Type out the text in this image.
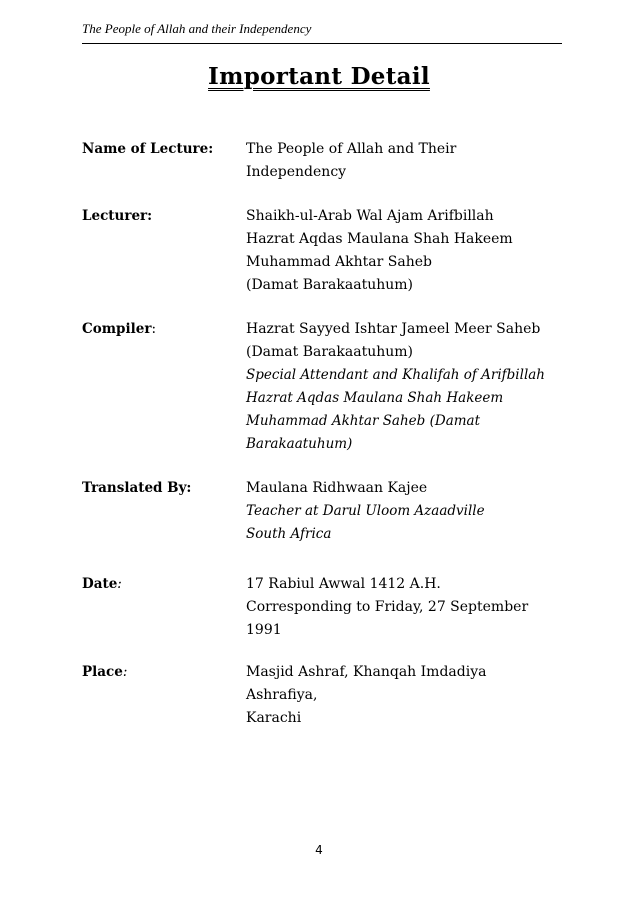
The People of Allah and their Independency
Important Detail
Name of Lecture:	The People of Allah and Their
Independency
Lecturer:	Shaikh-ul-Arab Wal Ajam Arifbillah
Hazrat Aqdas Maulana Shah Hakeem
Muhammad Akhtar Saheb
(Damat Barakaatuhum)
Compiler:	Hazrat Sayyed Ishtar Jameel Meer Saheb
(Damat Barakaatuhum)
Special Attendant and Khalifah of Arifbillah
Hazrat Aqdas Maulana Shah Hakeem
Muhammad Akhtar Saheb (Damat
Barakaatuhum)
Translated By:	Maulana Ridhwaan Kajee
Teacher at Darul Uloom Azaadville
South Africa
Date:	17 Rabiul Awwal 1412 A.H.
Corresponding to Friday, 27 September
1991
Place:	Masjid Ashraf, Khanqah Imdadiya
Ashrafiya,
Karachi
4
